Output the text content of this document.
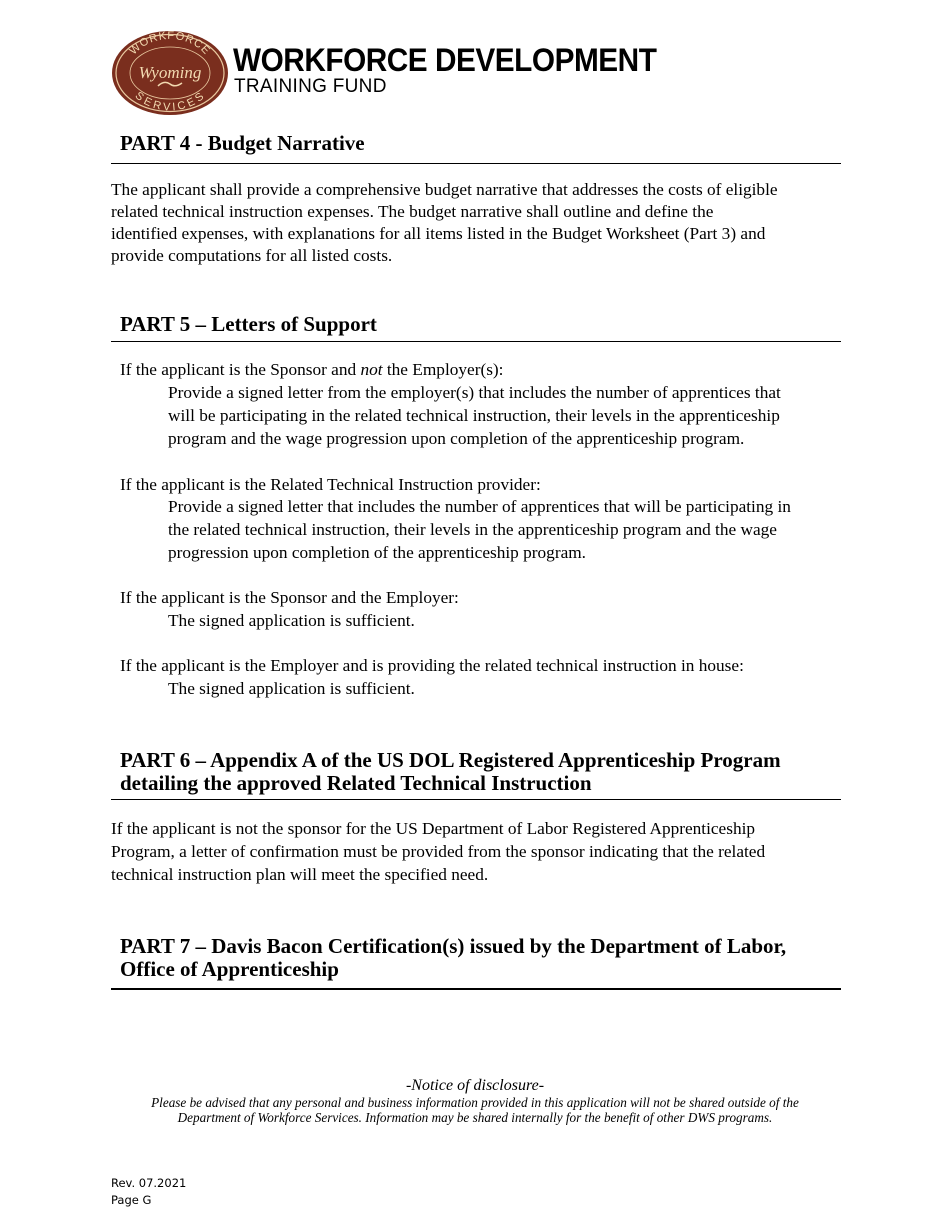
WORKFORCE
SERVICES
Wyoming WORKFORCE DEVELOPMENT
TRAINING FUND
PART 4 - Budget Narrative
The applicant shall provide a comprehensive budget narrative that addresses the costs of eligible
related technical instruction expenses. The budget narrative shall outline and define the
identified expenses, with explanations for all items listed in the Budget Worksheet (Part 3) and
provide computations for all listed costs.
PART 5 – Letters of Support
If the applicant is the Sponsor and not the Employer(s):
Provide a signed letter from the employer(s) that includes the number of apprentices that
will be participating in the related technical instruction, their levels in the apprenticeship
program and the wage progression upon completion of the apprenticeship program.
If the applicant is the Related Technical Instruction provider:
Provide a signed letter that includes the number of apprentices that will be participating in
the related technical instruction, their levels in the apprenticeship program and the wage
progression upon completion of the apprenticeship program.
If the applicant is the Sponsor and the Employer:
The signed application is sufficient.
If the applicant is the Employer and is providing the related technical instruction in house:
The signed application is sufficient.
PART 6 – Appendix A of the US DOL Registered Apprenticeship Program
detailing the approved Related Technical Instruction
If the applicant is not the sponsor for the US Department of Labor Registered Apprenticeship
Program, a letter of confirmation must be provided from the sponsor indicating that the related
technical instruction plan will meet the specified need.
PART 7 – Davis Bacon Certification(s) issued by the Department of Labor,
Office of Apprenticeship
-Notice of disclosure-
Please be advised that any personal and business information provided in this application will not be shared outside of the
Department of Workforce Services. Information may be shared internally for the benefit of other DWS programs.
Rev. 07.2021
Page G
